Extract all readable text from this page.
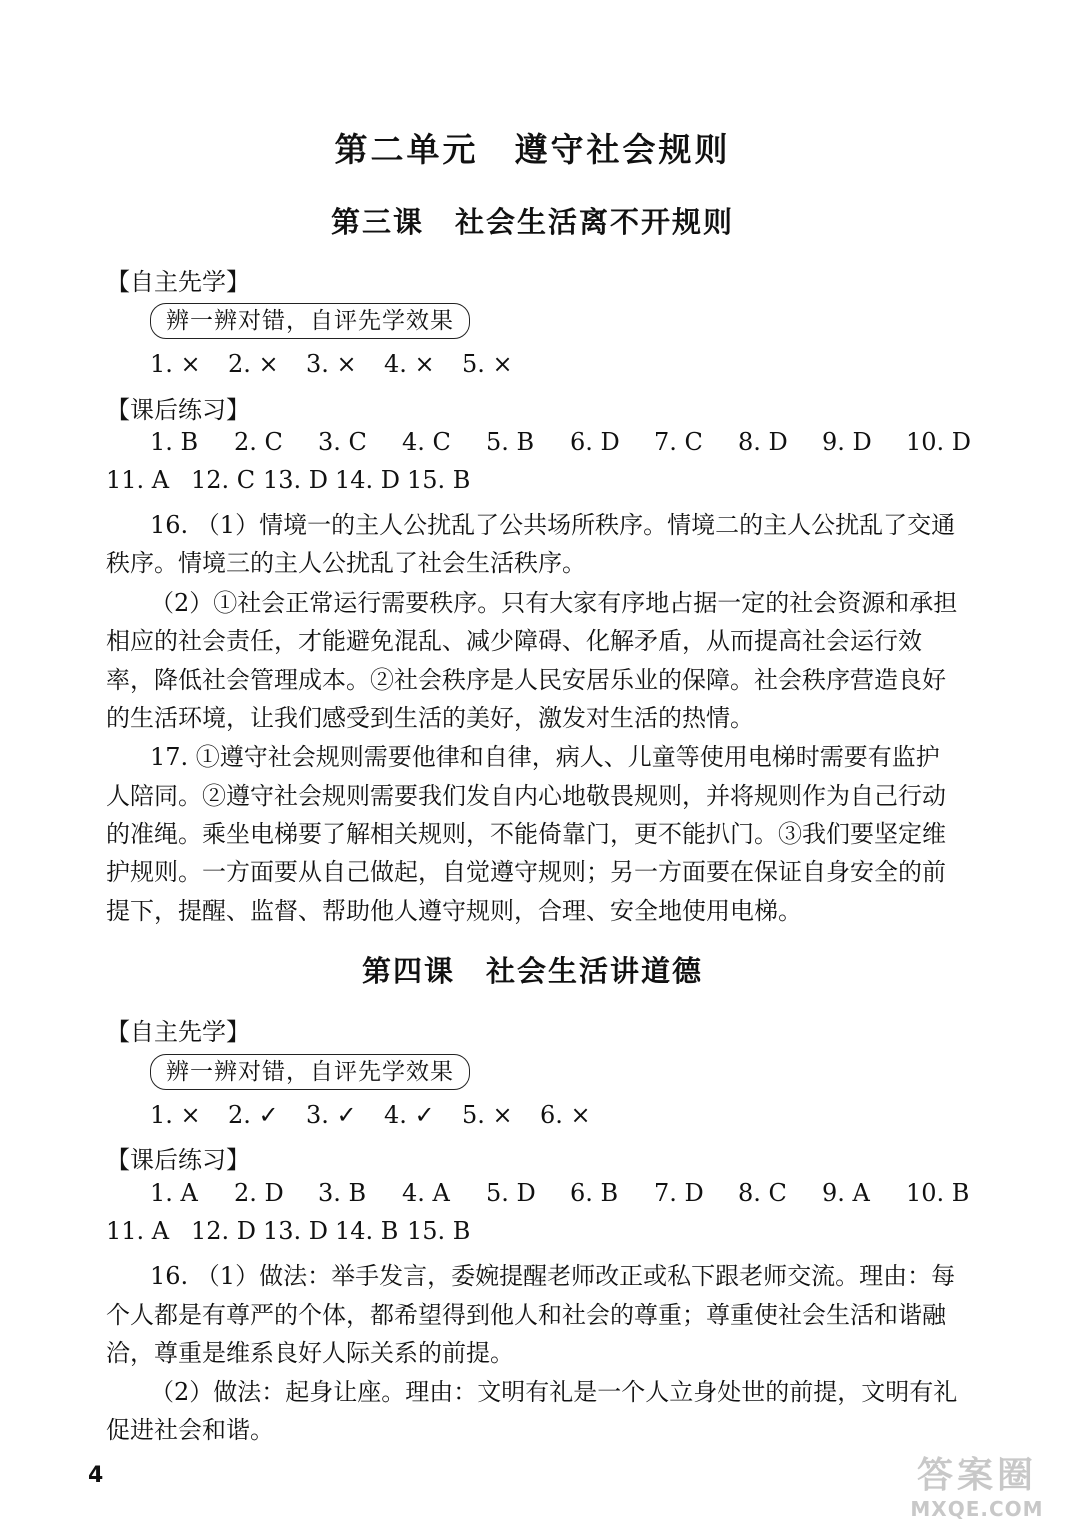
第二单元　遵守社会规则
第三课　社会生活离不开规则
【自主先学】
辨一辨对错，自评先学效果
1. × 2. × 3. × 4. × 5. ×
【课后练习】
1. B 2. C 3. C 4. C 5. B 6. D 7. C 8. D 9. D 10. D
11. A 12. C 13. D 14. D 15. B
16. （1）情境一的主人公扰乱了公共场所秩序。情境二的主人公扰乱了交通
秩序。情境三的主人公扰乱了社会生活秩序。
（2）①社会正常运行需要秩序。只有大家有序地占据一定的社会资源和承担
相应的社会责任，才能避免混乱、减少障碍、化解矛盾，从而提高社会运行效
率，降低社会管理成本。②社会秩序是人民安居乐业的保障。社会秩序营造良好
的生活环境，让我们感受到生活的美好，激发对生活的热情。
17. ①遵守社会规则需要他律和自律，病人、儿童等使用电梯时需要有监护
人陪同。②遵守社会规则需要我们发自内心地敬畏规则，并将规则作为自己行动
的准绳。乘坐电梯要了解相关规则，不能倚靠门，更不能扒门。③我们要坚定维
护规则。一方面要从自己做起，自觉遵守规则；另一方面要在保证自身安全的前
提下，提醒、监督、帮助他人遵守规则，合理、安全地使用电梯。
第四课　社会生活讲道德
【自主先学】
辨一辨对错，自评先学效果
1. × 2. ✓ 3. ✓ 4. ✓ 5. × 6. ×
【课后练习】
1. A 2. D 3. B 4. A 5. D 6. B 7. D 8. C 9. A 10. B
11. A 12. D 13. D 14. B 15. B
16. （1）做法：举手发言，委婉提醒老师改正或私下跟老师交流。理由：每
个人都是有尊严的个体，都希望得到他人和社会的尊重；尊重使社会生活和谐融
洽，尊重是维系良好人际关系的前提。
（2）做法：起身让座。理由：文明有礼是一个人立身处世的前提，文明有礼
促进社会和谐。
4	答案圈
MXQE.COM
